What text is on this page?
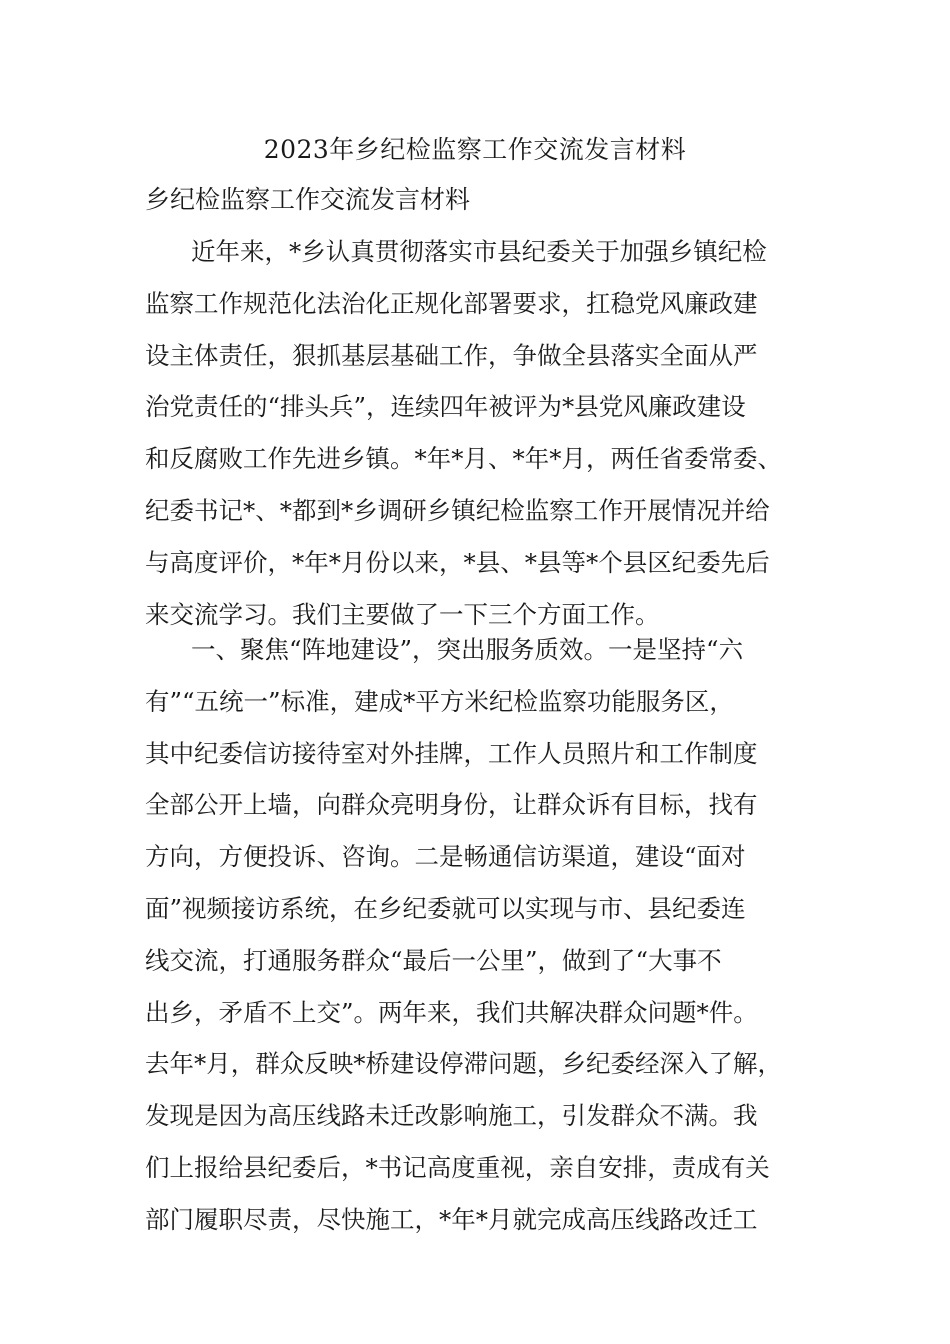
2023年乡纪检监察工作交流发言材料
乡纪检监察工作交流发言材料

近年来，*乡认真贯彻落实市县纪委关于加强乡镇纪检
监察工作规范化法治化正规化部署要求，扛稳党风廉政建
设主体责任，狠抓基层基础工作，争做全县落实全面从严
治党责任的“排头兵”，连续四年被评为*县党风廉政建设
和反腐败工作先进乡镇。*年*月、*年*月，两任省委常委、
纪委书记*、*都到*乡调研乡镇纪检监察工作开展情况并给
与高度评价，*年*月份以来，*县、*县等*个县区纪委先后
来交流学习。我们主要做了一下三个方面工作。

一、聚焦“阵地建设”，突出服务质效。一是坚持“六
有”“五统一”标准，建成*平方米纪检监察功能服务区，
其中纪委信访接待室对外挂牌，工作人员照片和工作制度
全部公开上墙，向群众亮明身份，让群众诉有目标，找有
方向，方便投诉、咨询。二是畅通信访渠道，建设“面对
面”视频接访系统，在乡纪委就可以实现与市、县纪委连
线交流，打通服务群众“最后一公里”，做到了“大事不
出乡，矛盾不上交”。两年来，我们共解决群众问题*件。
去年*月，群众反映*桥建设停滞问题，乡纪委经深入了解，
发现是因为高压线路未迁改影响施工，引发群众不满。我
们上报给县纪委后，*书记高度重视，亲自安排，责成有关
部门履职尽责，尽快施工，*年*月就完成高压线路改迁工
